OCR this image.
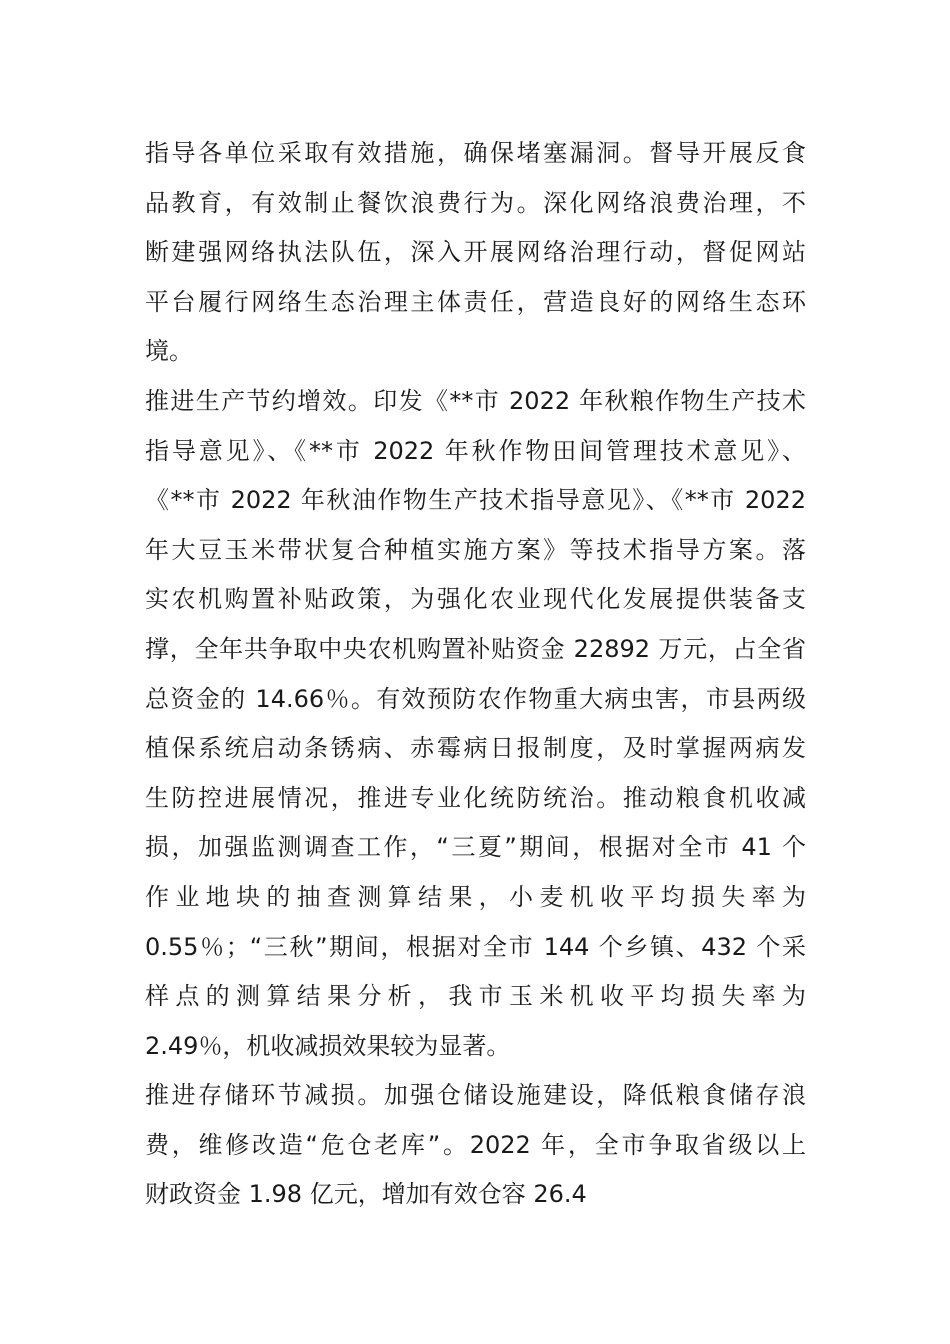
指导各单位采取有效措施，确保堵塞漏洞。督导开展反食
品教育，有效制止餐饮浪费行为。深化网络浪费治理，不
断建强网络执法队伍，深入开展网络治理行动，督促网站
平台履行网络生态治理主体责任，营造良好的网络生态环
境。
推进生产节约增效。印发《**市 2022 年秋粮作物生产技术
指导意见》、《**市 2022 年秋作物田间管理技术意见》、
《**市 2022 年秋油作物生产技术指导意见》、《**市 2022
年大豆玉米带状复合种植实施方案》等技术指导方案。落
实农机购置补贴政策，为强化农业现代化发展提供装备支
撑，全年共争取中央农机购置补贴资金 22892 万元，占全省
总资金的 14.66％。有效预防农作物重大病虫害，市县两级
植保系统启动条锈病、赤霉病日报制度，及时掌握两病发
生防控进展情况，推进专业化统防统治。推动粮食机收减
损，加强监测调查工作，“三夏”期间，根据对全市 41 个
作业地块的抽查测算结果，小麦机收平均损失率为
0.55％；“三秋”期间，根据对全市 144 个乡镇、432 个采
样点的测算结果分析，我市玉米机收平均损失率为
2.49％，机收减损效果较为显著。
推进存储环节减损。加强仓储设施建设，降低粮食储存浪
费，维修改造“危仓老库”。2022 年，全市争取省级以上
财政资金 1.98 亿元，增加有效仓容 26.4
